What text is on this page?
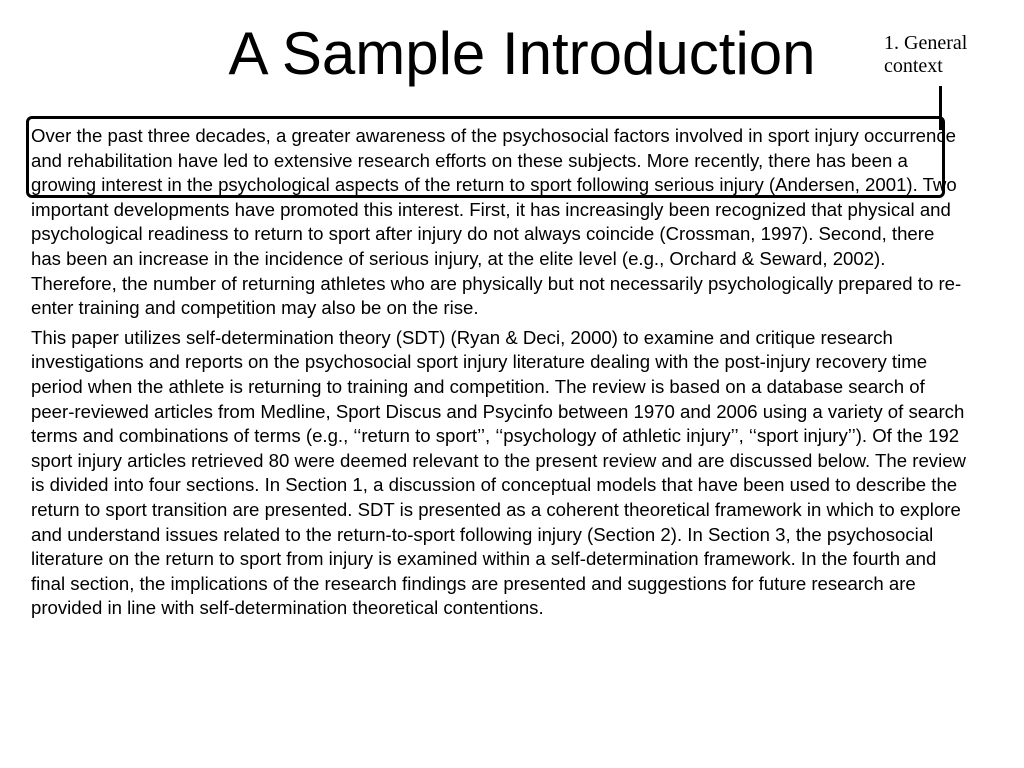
A Sample Introduction	1. General
context

Over the past three decades, a greater awareness of the psychosocial factors involved in sport injury occurrence and rehabilitation have led to extensive research efforts on these subjects. More recently, there has been a growing interest in the psychological aspects of the return to sport following serious injury (Andersen, 2001). Two important developments have promoted this interest. First, it has increasingly been recognized that physical and psychological readiness to return to sport after injury do not always coincide (Crossman, 1997). Second, there has been an increase in the incidence of serious injury, at the elite level (e.g., Orchard & Seward, 2002). Therefore, the number of returning athletes who are physically but not necessarily psychologically prepared to re-enter training and competition may also be on the rise.

This paper utilizes self-determination theory (SDT) (Ryan & Deci, 2000) to examine and critique research investigations and reports on the psychosocial sport injury literature dealing with the post-injury recovery time period when the athlete is returning to training and competition. The review is based on a database search of peer-reviewed articles from Medline, Sport Discus and Psycinfo between 1970 and 2006 using a variety of search terms and combinations of terms (e.g., ‘‘return to sport’’, ‘‘psychology of athletic injury’’, ‘‘sport injury’’). Of the 192 sport injury articles retrieved 80 were deemed relevant to the present review and are discussed below. The review is divided into four sections. In Section 1, a discussion of conceptual models that have been used to describe the return to sport transition are presented. SDT is presented as a coherent theoretical framework in which to explore and understand issues related to the return-to-sport following injury (Section 2). In Section 3, the psychosocial literature on the return to sport from injury is examined within a self-determination framework. In the fourth and final section, the implications of the research findings are presented and suggestions for future research are provided in line with self-determination theoretical contentions.
